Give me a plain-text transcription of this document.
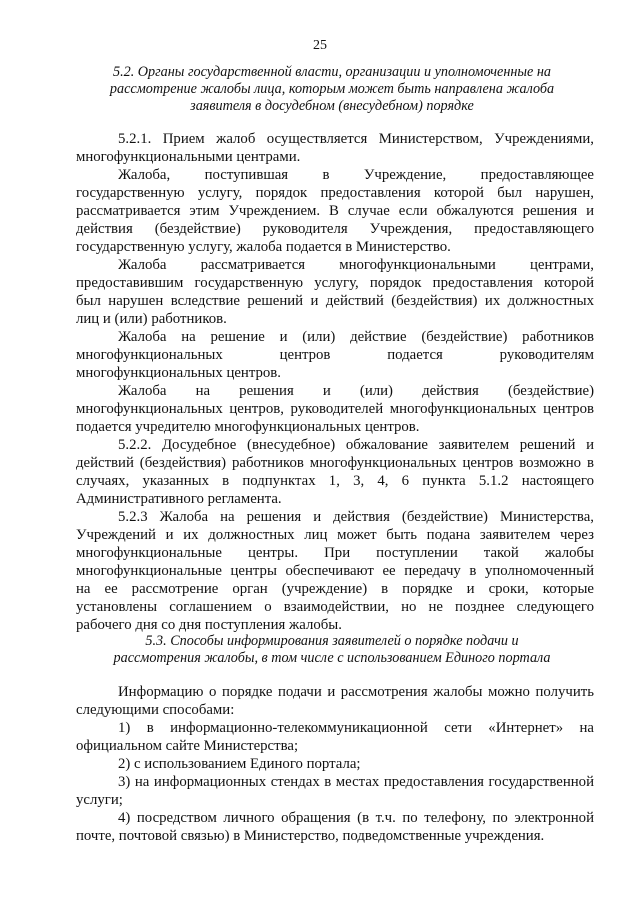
25
5.2. Органы государственной власти, организации и уполномоченные на
рассмотрение жалобы лица, которым может быть направлена жалоба
заявителя в досудебном (внесудебном) порядке

5.2.1. Прием жалоб осуществляется Министерством, Учреждениями,
многофункциональными центрами.

Жалоба, поступившая в Учреждение, предоставляющее
государственную услугу, порядок предоставления которой был нарушен,
рассматривается этим Учреждением. В случае если обжалуются решения и
действия (бездействие) руководителя Учреждения, предоставляющего
государственную услугу, жалоба подается в Министерство.

Жалоба рассматривается многофункциональными центрами,
предоставившим государственную услугу, порядок предоставления которой
был нарушен вследствие решений и действий (бездействия) их должностных
лиц и (или) работников.

Жалоба на решение и (или) действие (бездействие) работников
многофункциональных центров подается руководителям
многофункциональных центров.

Жалоба на решения и (или) действия (бездействие)
многофункциональных центров, руководителей многофункциональных центров
подается учредителю многофункциональных центров.

5.2.2. Досудебное (внесудебное) обжалование заявителем решений и
действий (бездействия) работников многофункциональных центров возможно в
случаях, указанных в подпунктах 1, 3, 4, 6 пункта 5.1.2 настоящего
Административного регламента.

5.2.3 Жалоба на решения и действия (бездействие) Министерства,
Учреждений и их должностных лиц может быть подана заявителем через
многофункциональные центры. При поступлении такой жалобы
многофункциональные центры обеспечивают ее передачу в уполномоченный
на ее рассмотрение орган (учреждение) в порядке и сроки, которые
установлены соглашением о взаимодействии, но не позднее следующего
рабочего дня со дня поступления жалобы.

5.3. Способы информирования заявителей о порядке подачи и
рассмотрения жалобы, в том числе с использованием Единого портала

Информацию о порядке подачи и рассмотрения жалобы можно получить
следующими способами:

1) в информационно-телекоммуникационной сети «Интернет» на
официальном сайте Министерства;

2) с использованием Единого портала;

3) на информационных стендах в местах предоставления государственной
услуги;

4) посредством личного обращения (в т.ч. по телефону, по электронной
почте, почтовой связью) в Министерство, подведомственные учреждения.
